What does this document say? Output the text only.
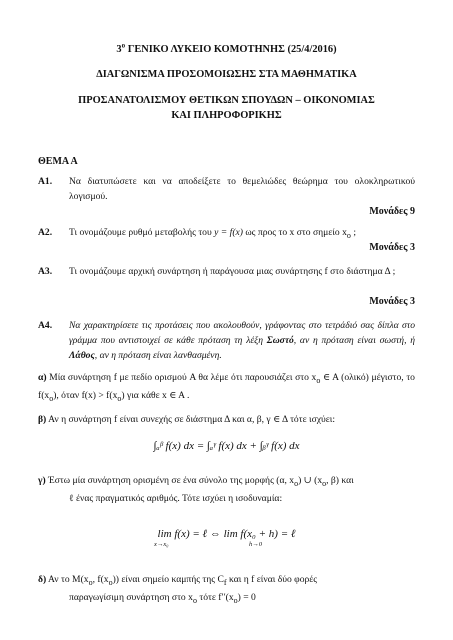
$3^o$ ΓΕΝΙΚΟ ΛΥΚΕΙΟ ΚΟΜΟΤΗΝΗΣ (25/4/2016)
ΔΙΑΓΩΝΙΣΜΑ ΠΡΟΣΟΜΟΙΩΣΗΣ ΣΤΑ ΜΑΘΗΜΑΤΙΚΑ
ΠΡΟΣΑΝΑΤΟΛΙΣΜΟΥ ΘΕΤΙΚΩΝ ΣΠΟΥΔΩΝ – ΟΙΚΟΝΟΜΙΑΣ
ΚΑΙ ΠΛΗΡΟΦΟΡΙΚΗΣ
ΘΕΜΑ Α
Α1. Να διατυπώσετε και να αποδείξετε το θεμελιώδες θεώρημα του ολοκληρωτικού λογισμού.
Μονάδες 9
Α2. Τι ονομάζουμε ρυθμό μεταβολής του y = f(x) ως προς το x στο σημείο $x_o$ ;
Μονάδες 3
Α3. Τι ονομάζουμε αρχική συνάρτηση ή παράγουσα μιας συνάρτησης f στο διάστημα Δ ;
Μονάδες 3
Α4. Να χαρακτηρίσετε τις προτάσεις που ακολουθούν, γράφοντας στο τετράδιό σας δίπλα στο γράμμα που αντιστοιχεί σε κάθε πρόταση τη λέξη Σωστό, αν η πρόταση είναι σωστή, ή Λάθος, αν η πρόταση είναι λανθασμένη.
α) Μία συνάρτηση f με πεδίο ορισμού A θα λέμε ότι παρουσιάζει στο $x_o$ ∈ A (ολικό) μέγιστο, το $f(x_o)$, όταν $f(x) > f(x_o)$ για κάθε x ∈ A .
β) Αν η συνάρτηση f είναι συνεχής σε διάστημα Δ και α, β, γ ∈ Δ τότε ισχύει:
∫ₐᵝ f(x) dx = ∫ₐᵞ f(x) dx + ∫ᵦᵞ f(x) dx
γ) Έστω μία συνάρτηση ορισμένη σε ένα σύνολο της μορφής (α, $x_o$) ∪ ($x_o$, β) και
ℓ ένας πραγματικός αριθμός. Τότε ισχύει η ισοδυναμία:
lim f(x) = ℓ ⇔ lim f(x₀ + h) = ℓ
x→x₀	h→0
δ) Αν το $M(x_o$, $f(x_o)$) είναι σημείο καμπής της $C_f$ και η f είναι δύο φορές
παραγωγίσιμη συνάρτηση στο $x_o$ τότε $f''(x_o) = 0$
